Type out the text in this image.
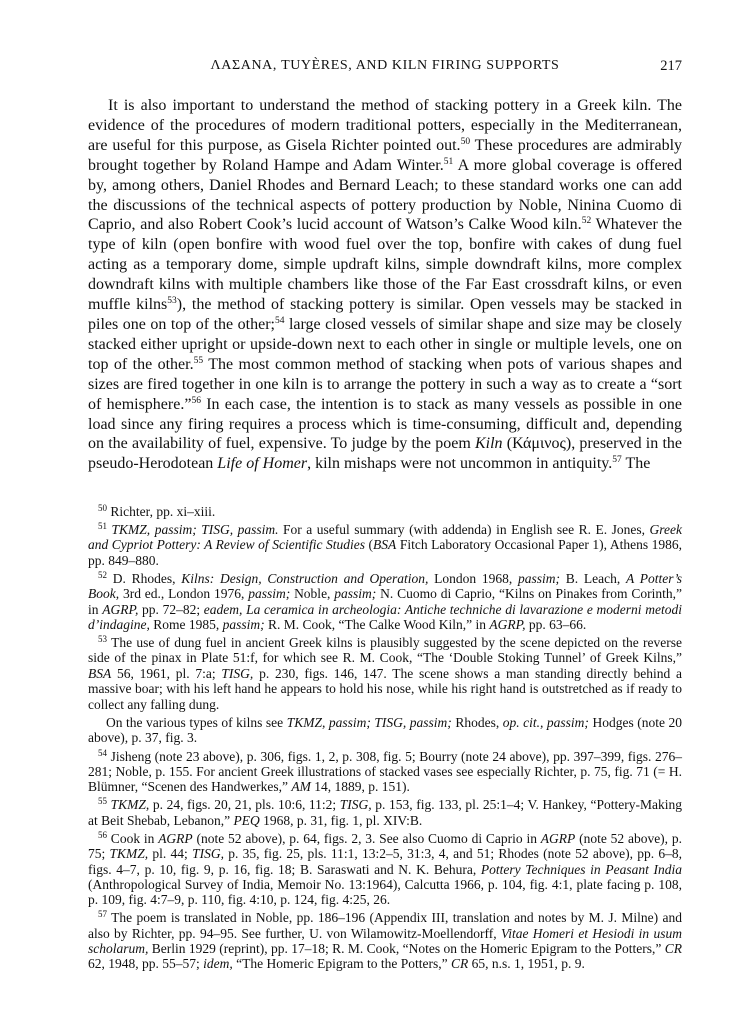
ΛΑΣΑΝΑ, TUYÈRES, AND KILN FIRING SUPPORTS	217

It is also important to understand the method of stacking pottery in a Greek kiln. The evidence of the procedures of modern traditional potters, especially in the Mediterranean, are useful for this purpose, as Gisela Richter pointed out.$^{50}$ These procedures are admirably brought together by Roland Hampe and Adam Winter.$^{51}$ A more global coverage is offered by, among others, Daniel Rhodes and Bernard Leach; to these standard works one can add the discussions of the technical aspects of pottery production by Noble, Ninina Cuomo di Caprio, and also Robert Cook’s lucid account of Watson’s Calke Wood kiln.$^{52}$ Whatever the type of kiln (open bonfire with wood fuel over the top, bonfire with cakes of dung fuel acting as a temporary dome, simple updraft kilns, simple downdraft kilns, more complex downdraft kilns with multiple chambers like those of the Far East crossdraft kilns, or even muffle kilns$^{53}$), the method of stacking pottery is similar. Open vessels may be stacked in piles one on top of the other;$^{54}$ large closed vessels of similar shape and size may be closely stacked either upright or upside-down next to each other in single or multiple levels, one on top of the other.$^{55}$ The most common method of stacking when pots of various shapes and sizes are fired together in one kiln is to arrange the pottery in such a way as to create a “sort of hemisphere.”$^{56}$ In each case, the intention is to stack as many vessels as possible in one load since any firing requires a process which is time-consuming, difficult and, depending on the availability of fuel, expensive. To judge by the poem Kiln (Κάμινος), preserved in the pseudo-Herodotean Life of Homer, kiln mishaps were not uncommon in antiquity.$^{57}$ The

$^{50}$ Richter, pp. xi–xiii.

$^{51}$ TKMZ, passim; TISG, passim. For a useful summary (with addenda) in English see R. E. Jones, Greek and Cypriot Pottery: A Review of Scientific Studies (BSA Fitch Laboratory Occasional Paper 1), Athens 1986, pp. 849–880.

$^{52}$ D. Rhodes, Kilns: Design, Construction and Operation, London 1968, passim; B. Leach, A Potter’s Book, 3rd ed., London 1976, passim; Noble, passim; N. Cuomo di Caprio, “Kilns on Pinakes from Corinth,” in AGRP, pp. 72–82; eadem, La ceramica in archeologia: Antiche techniche di lavarazione e moderni metodi d’indagine, Rome 1985, passim; R. M. Cook, “The Calke Wood Kiln,” in AGRP, pp. 63–66.

$^{53}$ The use of dung fuel in ancient Greek kilns is plausibly suggested by the scene depicted on the reverse side of the pinax in Plate 51:f, for which see R. M. Cook, “The ‘Double Stoking Tunnel’ of Greek Kilns,” BSA 56, 1961, pl. 7:a; TISG, p. 230, figs. 146, 147. The scene shows a man standing directly behind a massive boar; with his left hand he appears to hold his nose, while his right hand is outstretched as if ready to collect any falling dung.

On the various types of kilns see TKMZ, passim; TISG, passim; Rhodes, op. cit., passim; Hodges (note 20 above), p. 37, fig. 3.

$^{54}$ Jisheng (note 23 above), p. 306, figs. 1, 2, p. 308, fig. 5; Bourry (note 24 above), pp. 397–399, figs. 276–281; Noble, p. 155. For ancient Greek illustrations of stacked vases see especially Richter, p. 75, fig. 71 (= H. Blümner, “Scenen des Handwerkes,” AM 14, 1889, p. 151).

$^{55}$ TKMZ, p. 24, figs. 20, 21, pls. 10:6, 11:2; TISG, p. 153, fig. 133, pl. 25:1–4; V. Hankey, “Pottery-Making at Beit Shebab, Lebanon,” PEQ 1968, p. 31, fig. 1, pl. XIV:B.

$^{56}$ Cook in AGRP (note 52 above), p. 64, figs. 2, 3. See also Cuomo di Caprio in AGRP (note 52 above), p. 75; TKMZ, pl. 44; TISG, p. 35, fig. 25, pls. 11:1, 13:2–5, 31:3, 4, and 51; Rhodes (note 52 above), pp. 6–8, figs. 4–7, p. 10, fig. 9, p. 16, fig. 18; B. Saraswati and N. K. Behura, Pottery Techniques in Peasant India (Anthropological Survey of India, Memoir No. 13:1964), Calcutta 1966, p. 104, fig. 4:1, plate facing p. 108, p. 109, fig. 4:7–9, p. 110, fig. 4:10, p. 124, fig. 4:25, 26.

$^{57}$ The poem is translated in Noble, pp. 186–196 (Appendix III, translation and notes by M. J. Milne) and also by Richter, pp. 94–95. See further, U. von Wilamowitz-Moellendorff, Vitae Homeri et Hesiodi in usum scholarum, Berlin 1929 (reprint), pp. 17–18; R. M. Cook, “Notes on the Homeric Epigram to the Potters,” CR 62, 1948, pp. 55–57; idem, “The Homeric Epigram to the Potters,” CR 65, n.s. 1, 1951, p. 9.
